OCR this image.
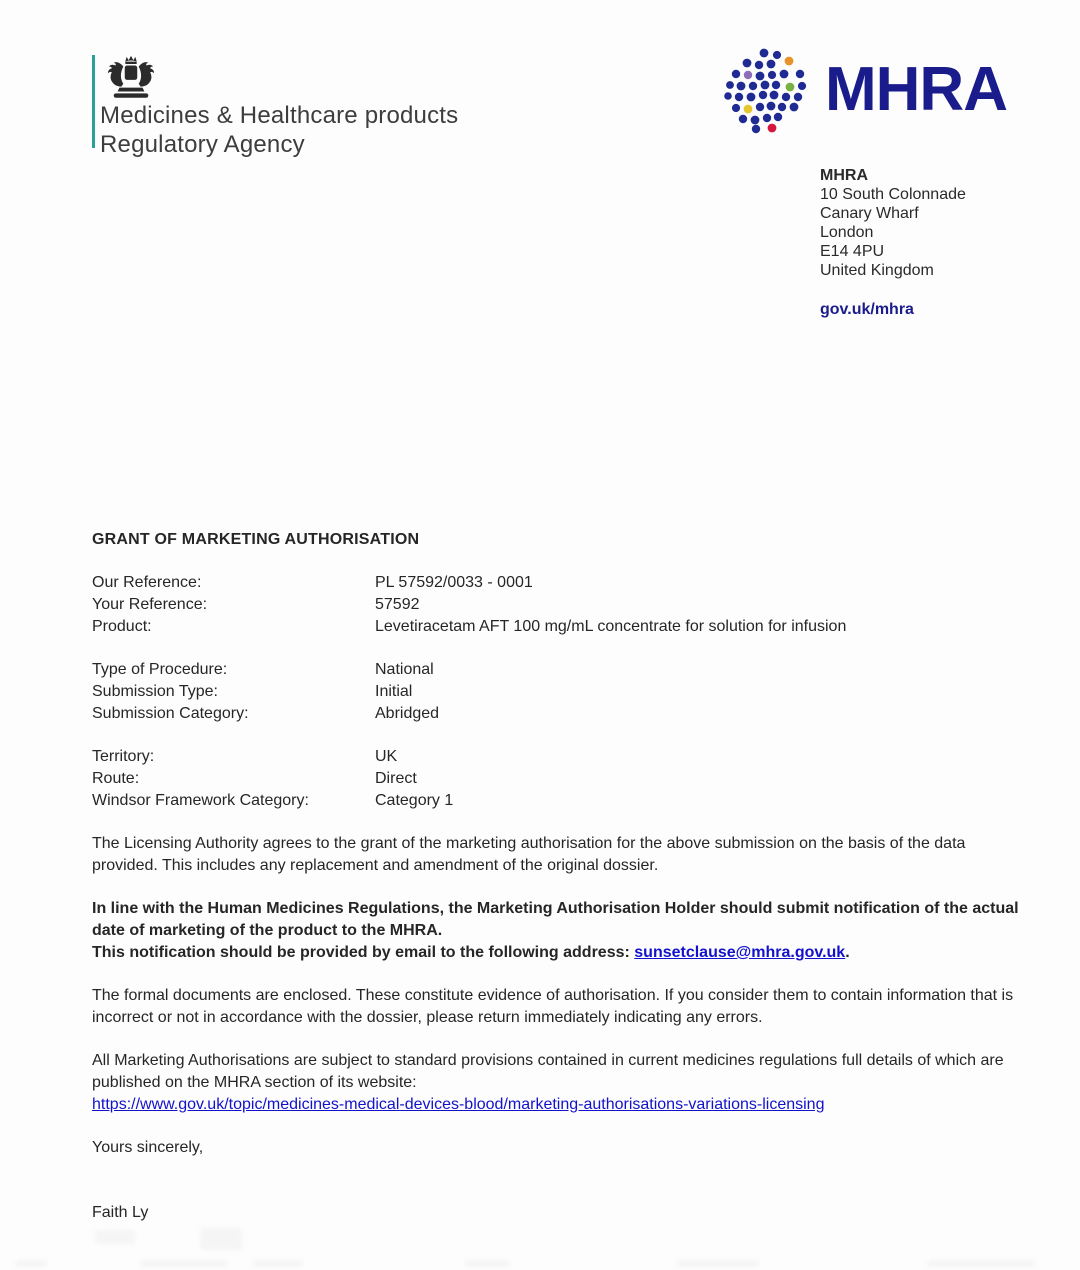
Medicines & Healthcare products
Regulatory Agency
MHRA
MHRA
10 South Colonnade
Canary Wharf
London
E14 4PU
United Kingdom
gov.uk/mhra
GRANT OF MARKETING AUTHORISATION
Our Reference:	PL 57592/0033 - 0001
Your Reference:	57592
Product:	Levetiracetam AFT 100 mg/mL concentrate for solution for infusion
Type of Procedure:	National
Submission Type:	Initial
Submission Category:	Abridged
Territory:	UK
Route:	Direct
Windsor Framework Category:	Category 1

The Licensing Authority agrees to the grant of the marketing authorisation for the above submission on the basis of the data provided. This includes any replacement and amendment of the original dossier.

In line with the Human Medicines Regulations, the Marketing Authorisation Holder should submit notification of the actual date of marketing of the product to the MHRA.
This notification should be provided by email to the following address: sunsetclause@mhra.gov.uk.

The formal documents are enclosed. These constitute evidence of authorisation. If you consider them to contain information that is incorrect or not in accordance with the dossier, please return immediately indicating any errors.

All Marketing Authorisations are subject to standard provisions contained in current medicines regulations full details of which are published on the MHRA section of its website:
https://www.gov.uk/topic/medicines-medical-devices-blood/marketing-authorisations-variations-licensing

Yours sincerely,

Faith Ly
